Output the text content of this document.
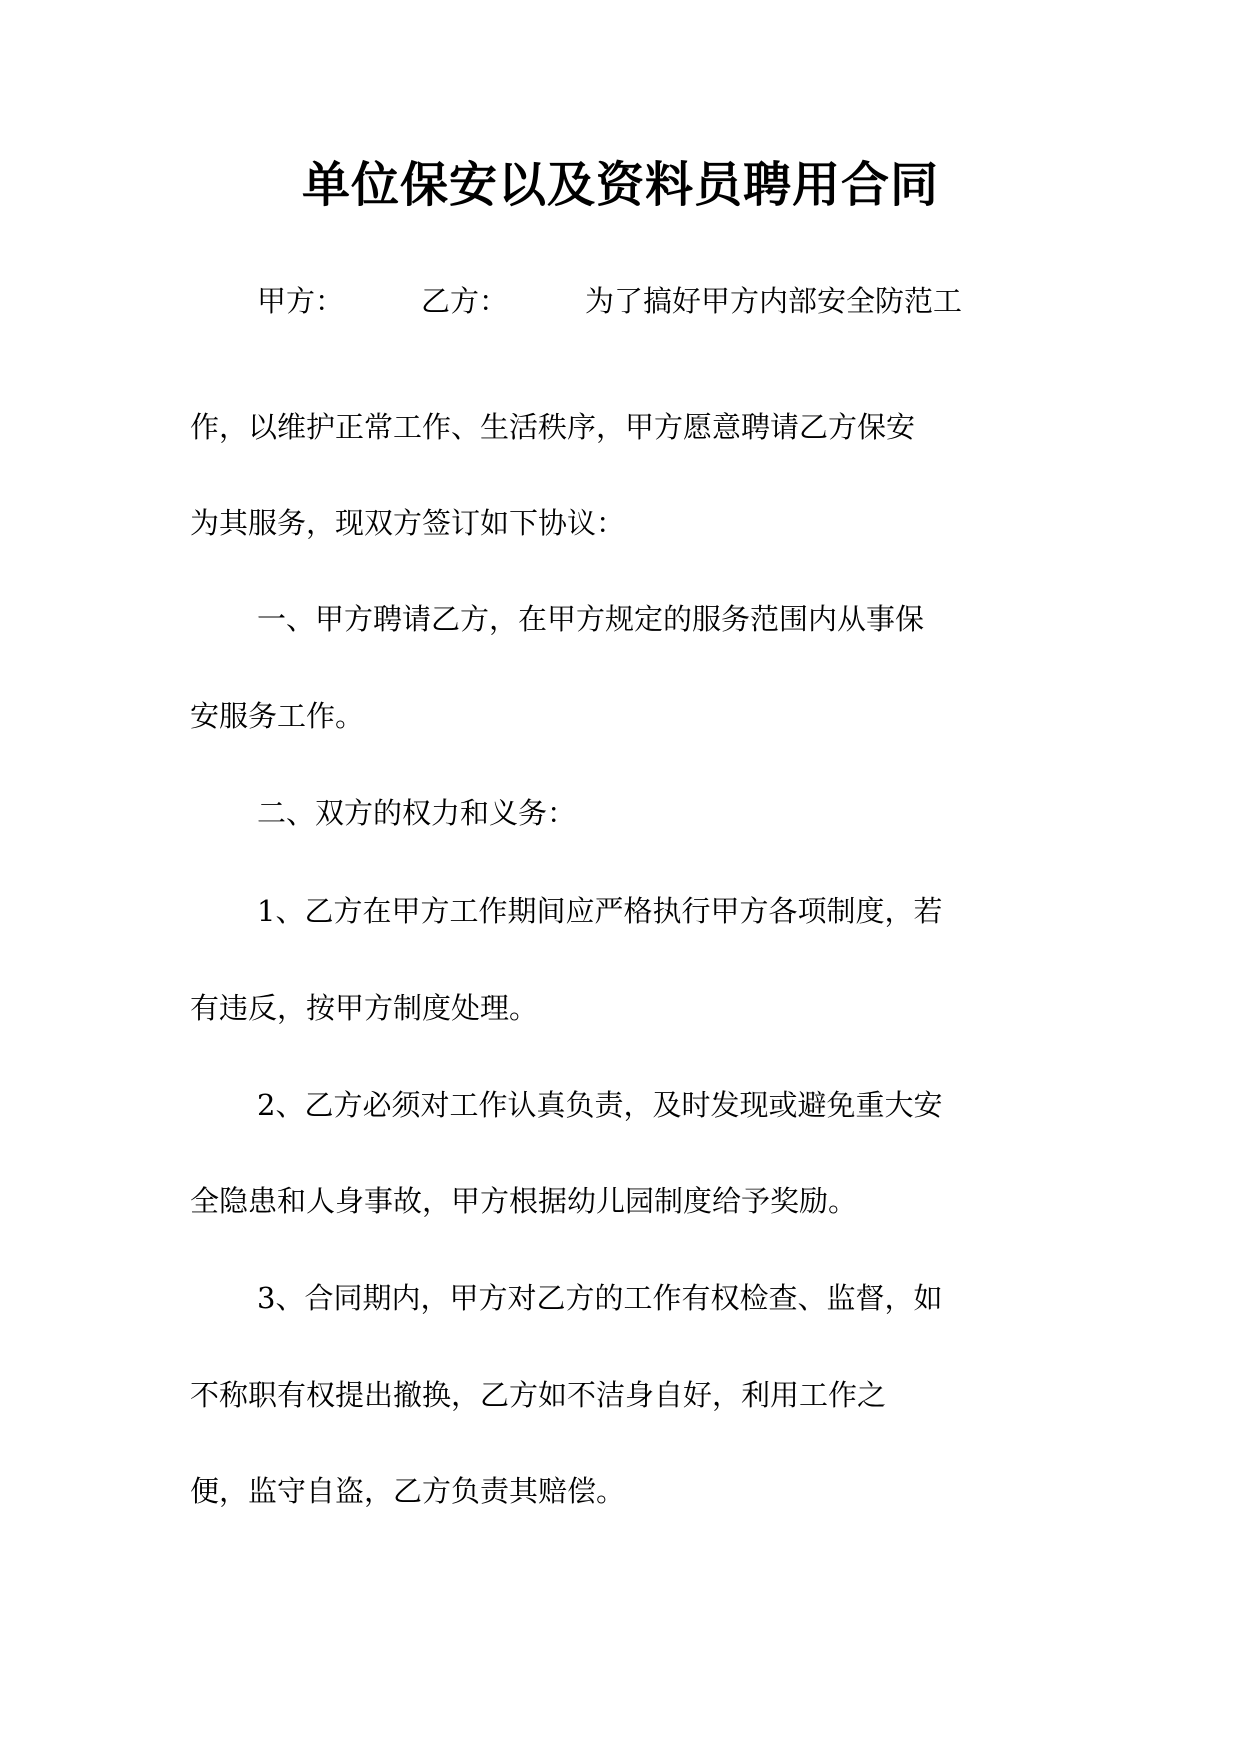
单位保安以及资料员聘用合同
甲方：	乙方：	为了搞好甲方内部安全防范工

作，以维护正常工作、生活秩序，甲方愿意聘请乙方保安

为其服务，现双方签订如下协议：

一、甲方聘请乙方，在甲方规定的服务范围内从事保

安服务工作。

二、双方的权力和义务：

1、乙方在甲方工作期间应严格执行甲方各项制度，若

有违反，按甲方制度处理。

2、乙方必须对工作认真负责，及时发现或避免重大安

全隐患和人身事故，甲方根据幼儿园制度给予奖励。

3、合同期内，甲方对乙方的工作有权检查、监督，如

不称职有权提出撤换，乙方如不洁身自好，利用工作之

便，监守自盗，乙方负责其赔偿。
